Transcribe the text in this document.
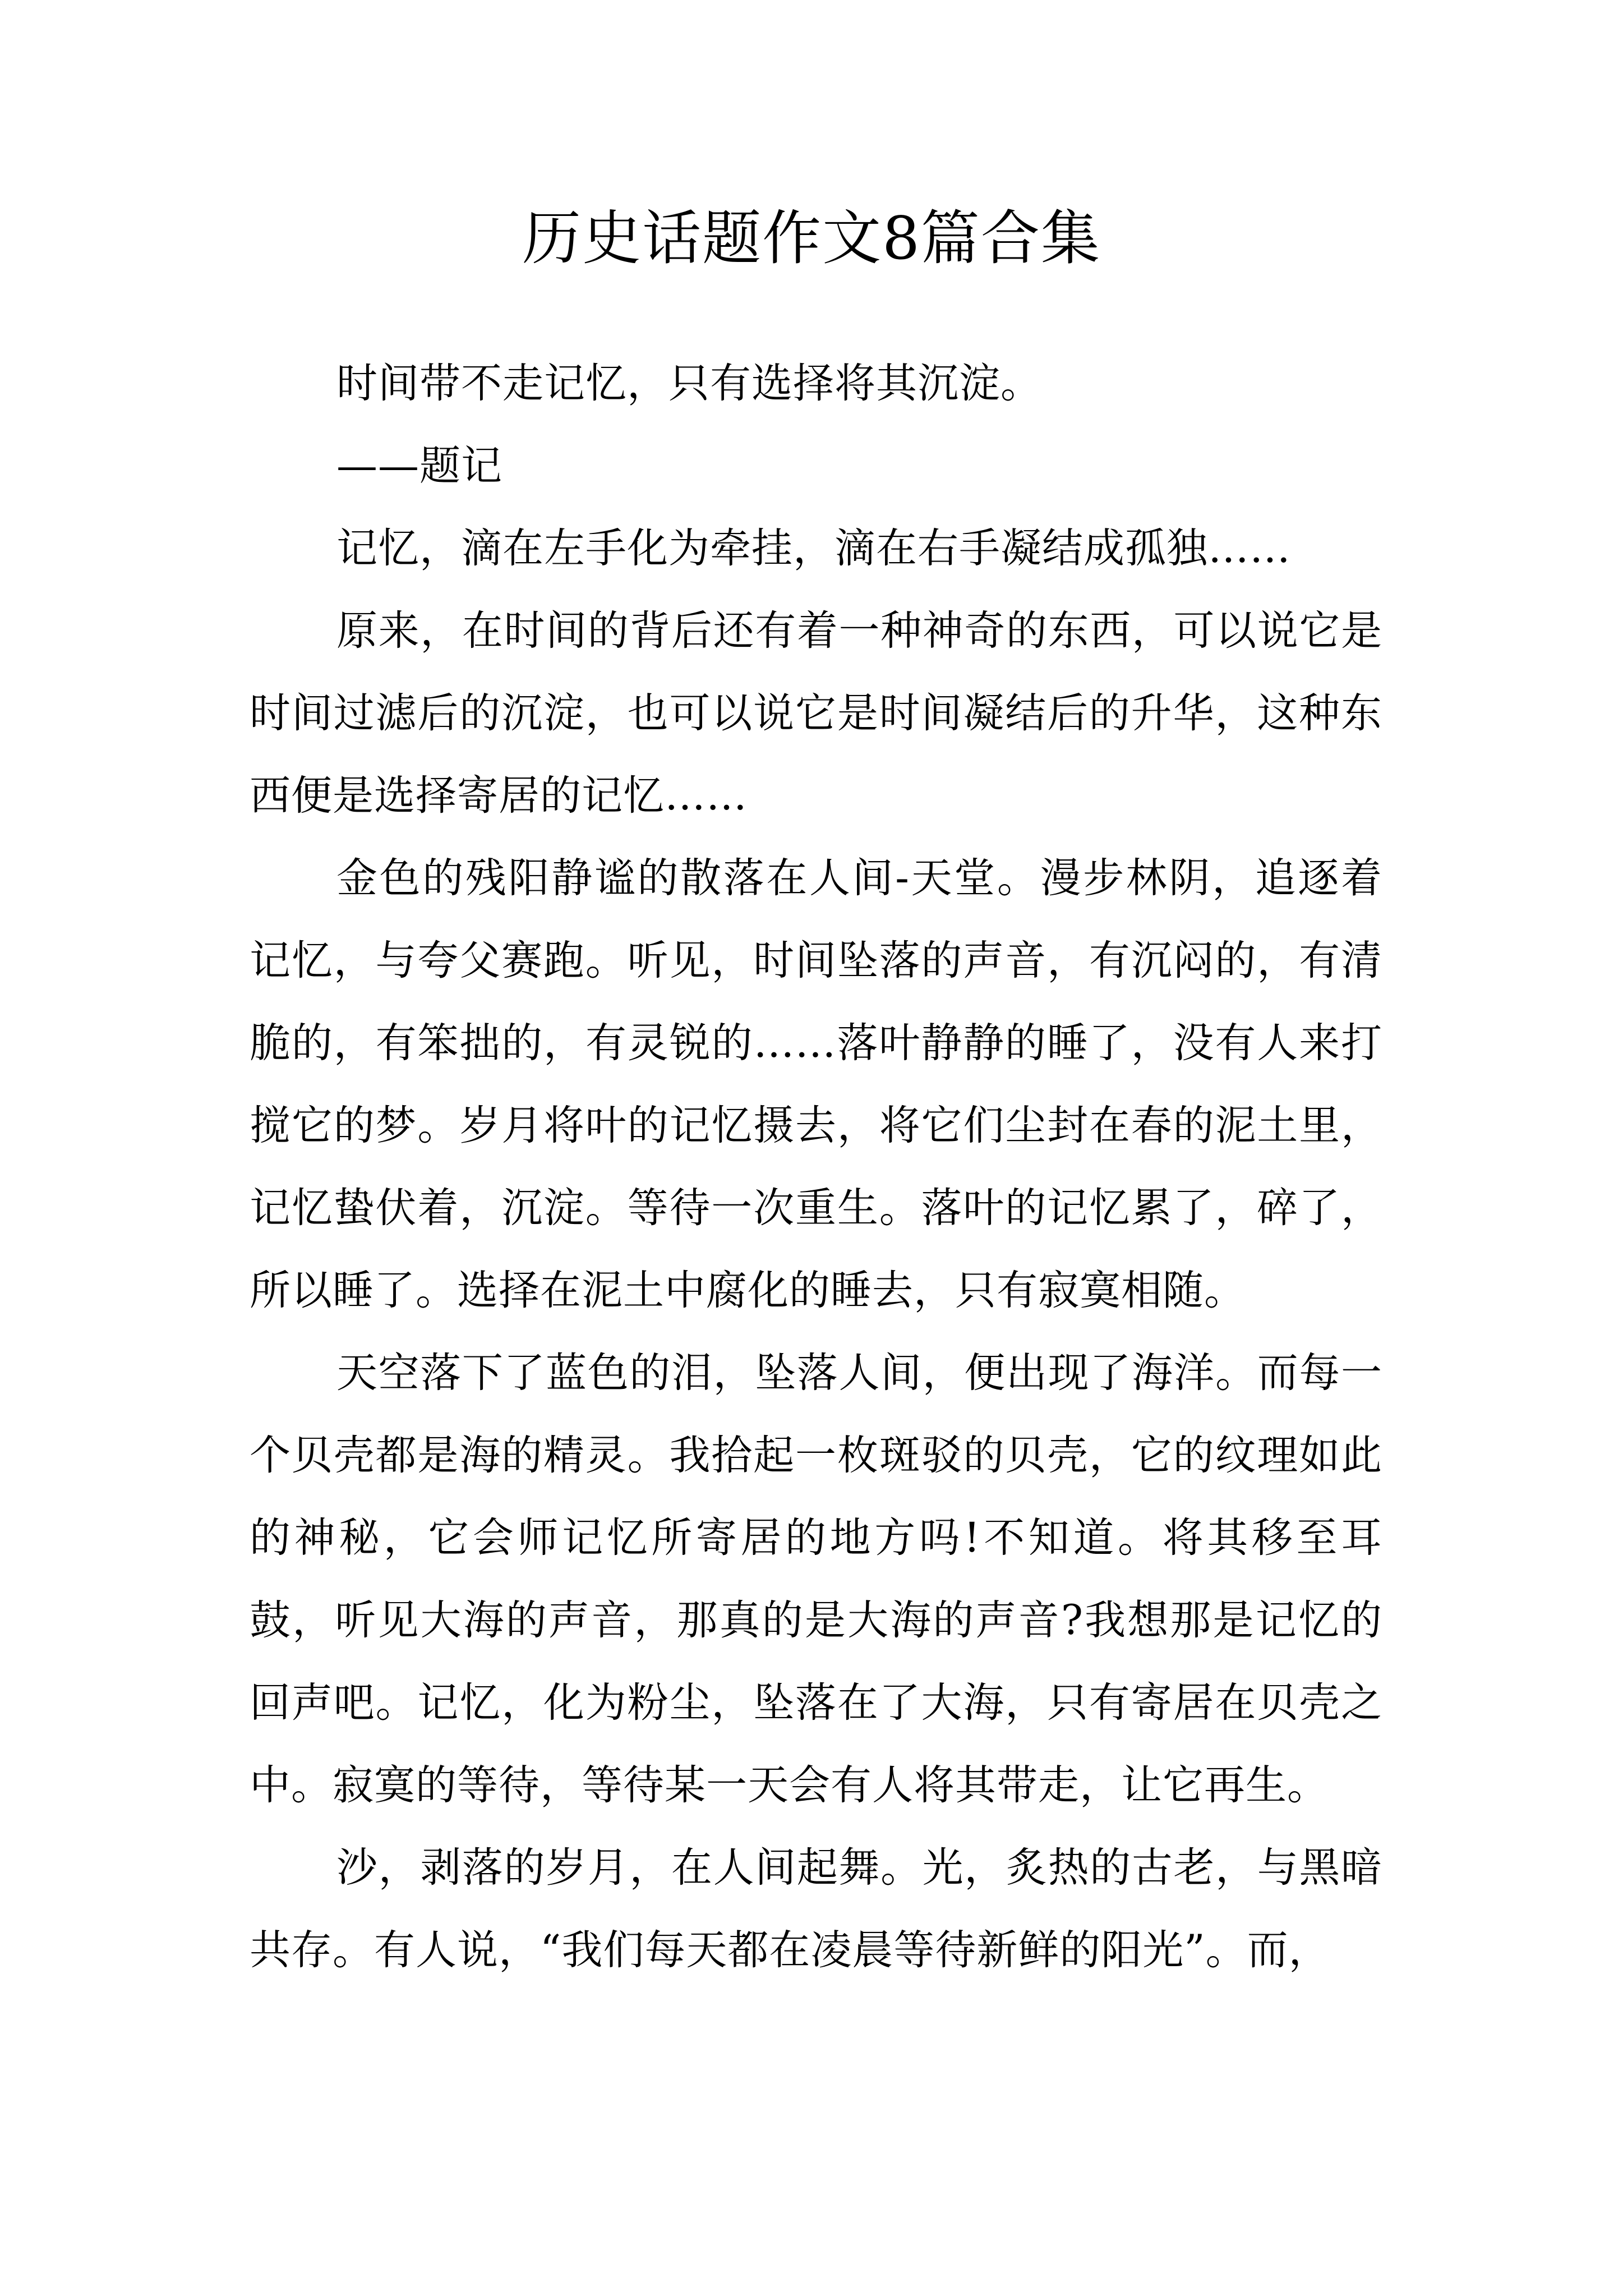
历史话题作文8篇合集

时间带不走记忆，只有选择将其沉淀。

——题记

记忆，滴在左手化为牵挂，滴在右手凝结成孤独……

原来，在时间的背后还有着一种神奇的东西，可以说它是时间过滤后的沉淀，也可以说它是时间凝结后的升华，这种东西便是选择寄居的记忆……

金色的残阳静谧的散落在人间-天堂。漫步林阴，追逐着记忆，与夸父赛跑。听见，时间坠落的声音，有沉闷的，有清脆的，有笨拙的，有灵锐的……落叶静静的睡了，没有人来打搅它的梦。岁月将叶的记忆摄去，将它们尘封在春的泥土里，记忆蛰伏着，沉淀。等待一次重生。落叶的记忆累了，碎了，所以睡了。选择在泥土中腐化的睡去，只有寂寞相随。

天空落下了蓝色的泪，坠落人间，便出现了海洋。而每一个贝壳都是海的精灵。我拾起一枚斑驳的贝壳，它的纹理如此的神秘，它会师记忆所寄居的地方吗!不知道。将其移至耳鼓，听见大海的声音，那真的是大海的声音?我想那是记忆的回声吧。记忆，化为粉尘，坠落在了大海，只有寄居在贝壳之中。寂寞的等待，等待某一天会有人将其带走，让它再生。

沙，剥落的岁月，在人间起舞。光，炙热的古老，与黑暗共存。有人说，“我们每天都在凌晨等待新鲜的阳光”。而，
